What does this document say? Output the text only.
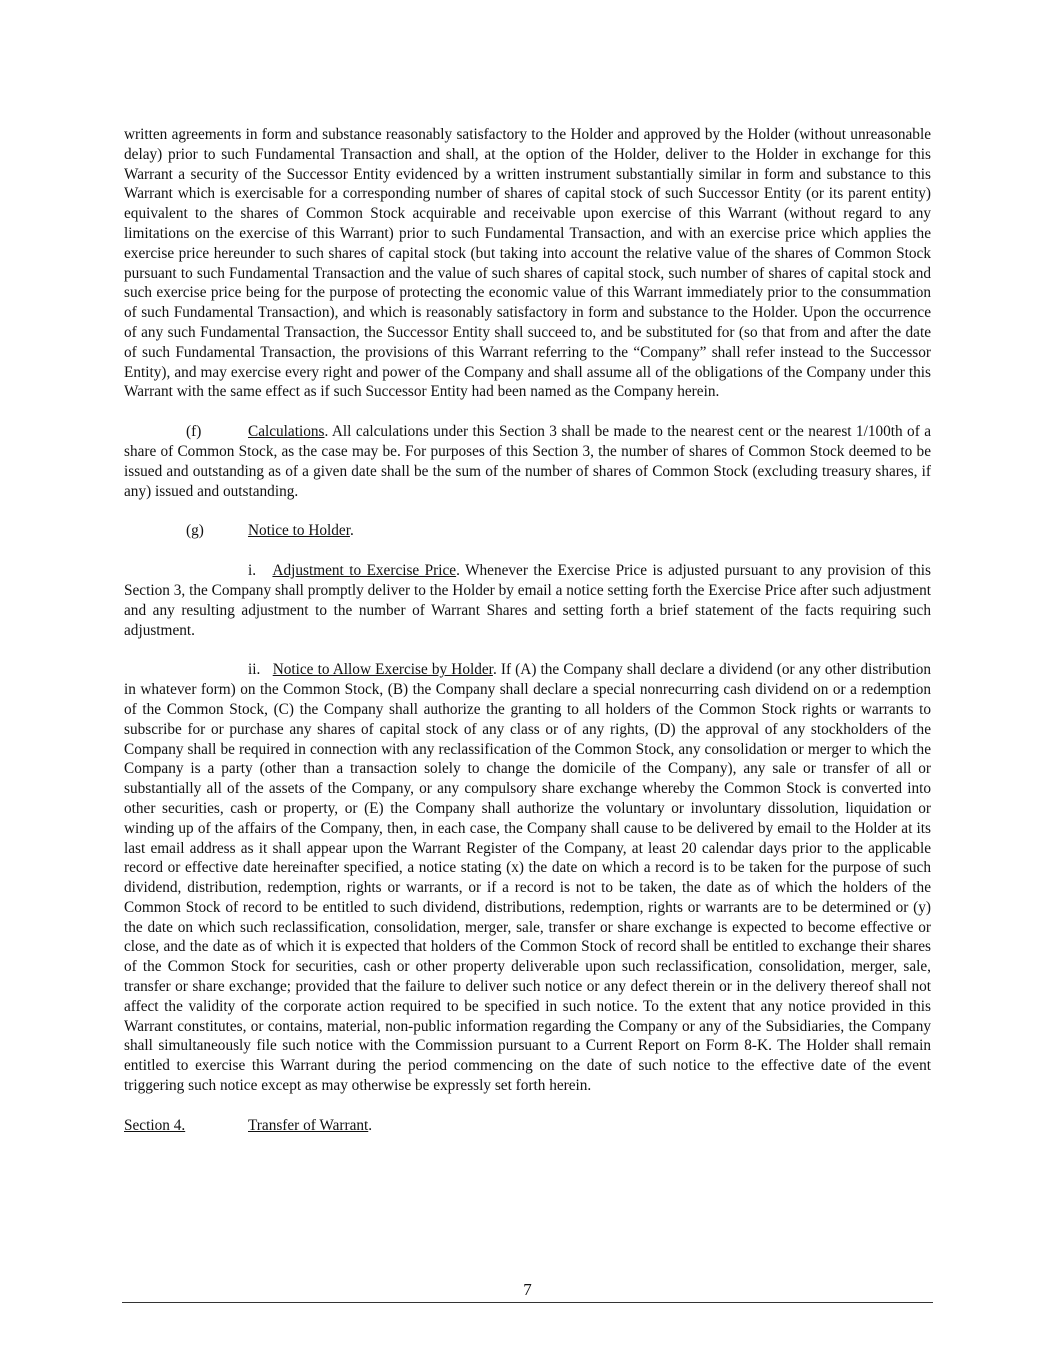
written agreements in form and substance reasonably satisfactory to the Holder and approved by the Holder (without unreasonable delay) prior to such Fundamental Transaction and shall, at the option of the Holder, deliver to the Holder in exchange for this Warrant a security of the Successor Entity evidenced by a written instrument substantially similar in form and substance to this Warrant which is exercisable for a corresponding number of shares of capital stock of such Successor Entity (or its parent entity) equivalent to the shares of Common Stock acquirable and receivable upon exercise of this Warrant (without regard to any limitations on the exercise of this Warrant) prior to such Fundamental Transaction, and with an exercise price which applies the exercise price hereunder to such shares of capital stock (but taking into account the relative value of the shares of Common Stock pursuant to such Fundamental Transaction and the value of such shares of capital stock, such number of shares of capital stock and such exercise price being for the purpose of protecting the economic value of this Warrant immediately prior to the consummation of such Fundamental Transaction), and which is reasonably satisfactory in form and substance to the Holder. Upon the occurrence of any such Fundamental Transaction, the Successor Entity shall succeed to, and be substituted for (so that from and after the date of such Fundamental Transaction, the provisions of this Warrant referring to the “Company” shall refer instead to the Successor Entity), and may exercise every right and power of the Company and shall assume all of the obligations of the Company under this Warrant with the same effect as if such Successor Entity had been named as the Company herein.

(f)	Calculations. All calculations under this Section 3 shall be made to the nearest cent or the nearest 1/100th of a share of Common Stock, as the case may be. For purposes of this Section 3, the number of shares of Common Stock deemed to be issued and outstanding as of a given date shall be the sum of the number of shares of Common Stock (excluding treasury shares, if any) issued and outstanding.

(g)	Notice to Holder.

i. Adjustment to Exercise Price. Whenever the Exercise Price is adjusted pursuant to any provision of this Section 3, the Company shall promptly deliver to the Holder by email a notice setting forth the Exercise Price after such adjustment and any resulting adjustment to the number of Warrant Shares and setting forth a brief statement of the facts requiring such adjustment.

ii. Notice to Allow Exercise by Holder. If (A) the Company shall declare a dividend (or any other distribution in whatever form) on the Common Stock, (B) the Company shall declare a special nonrecurring cash dividend on or a redemption of the Common Stock, (C) the Company shall authorize the granting to all holders of the Common Stock rights or warrants to subscribe for or purchase any shares of capital stock of any class or of any rights, (D) the approval of any stockholders of the Company shall be required in connection with any reclassification of the Common Stock, any consolidation or merger to which the Company is a party (other than a transaction solely to change the domicile of the Company), any sale or transfer of all or substantially all of the assets of the Company, or any compulsory share exchange whereby the Common Stock is converted into other securities, cash or property, or (E) the Company shall authorize the voluntary or involuntary dissolution, liquidation or winding up of the affairs of the Company, then, in each case, the Company shall cause to be delivered by email to the Holder at its last email address as it shall appear upon the Warrant Register of the Company, at least 20 calendar days prior to the applicable record or effective date hereinafter specified, a notice stating (x) the date on which a record is to be taken for the purpose of such dividend, distribution, redemption, rights or warrants, or if a record is not to be taken, the date as of which the holders of the Common Stock of record to be entitled to such dividend, distributions, redemption, rights or warrants are to be determined or (y) the date on which such reclassification, consolidation, merger, sale, transfer or share exchange is expected to become effective or close, and the date as of which it is expected that holders of the Common Stock of record shall be entitled to exchange their shares of the Common Stock for securities, cash or other property deliverable upon such reclassification, consolidation, merger, sale, transfer or share exchange; provided that the failure to deliver such notice or any defect therein or in the delivery thereof shall not affect the validity of the corporate action required to be specified in such notice. To the extent that any notice provided in this Warrant constitutes, or contains, material, non-public information regarding the Company or any of the Subsidiaries, the Company shall simultaneously file such notice with the Commission pursuant to a Current Report on Form 8-K. The Holder shall remain entitled to exercise this Warrant during the period commencing on the date of such notice to the effective date of the event triggering such notice except as may otherwise be expressly set forth herein.

Section 4.	Transfer of Warrant.

7
